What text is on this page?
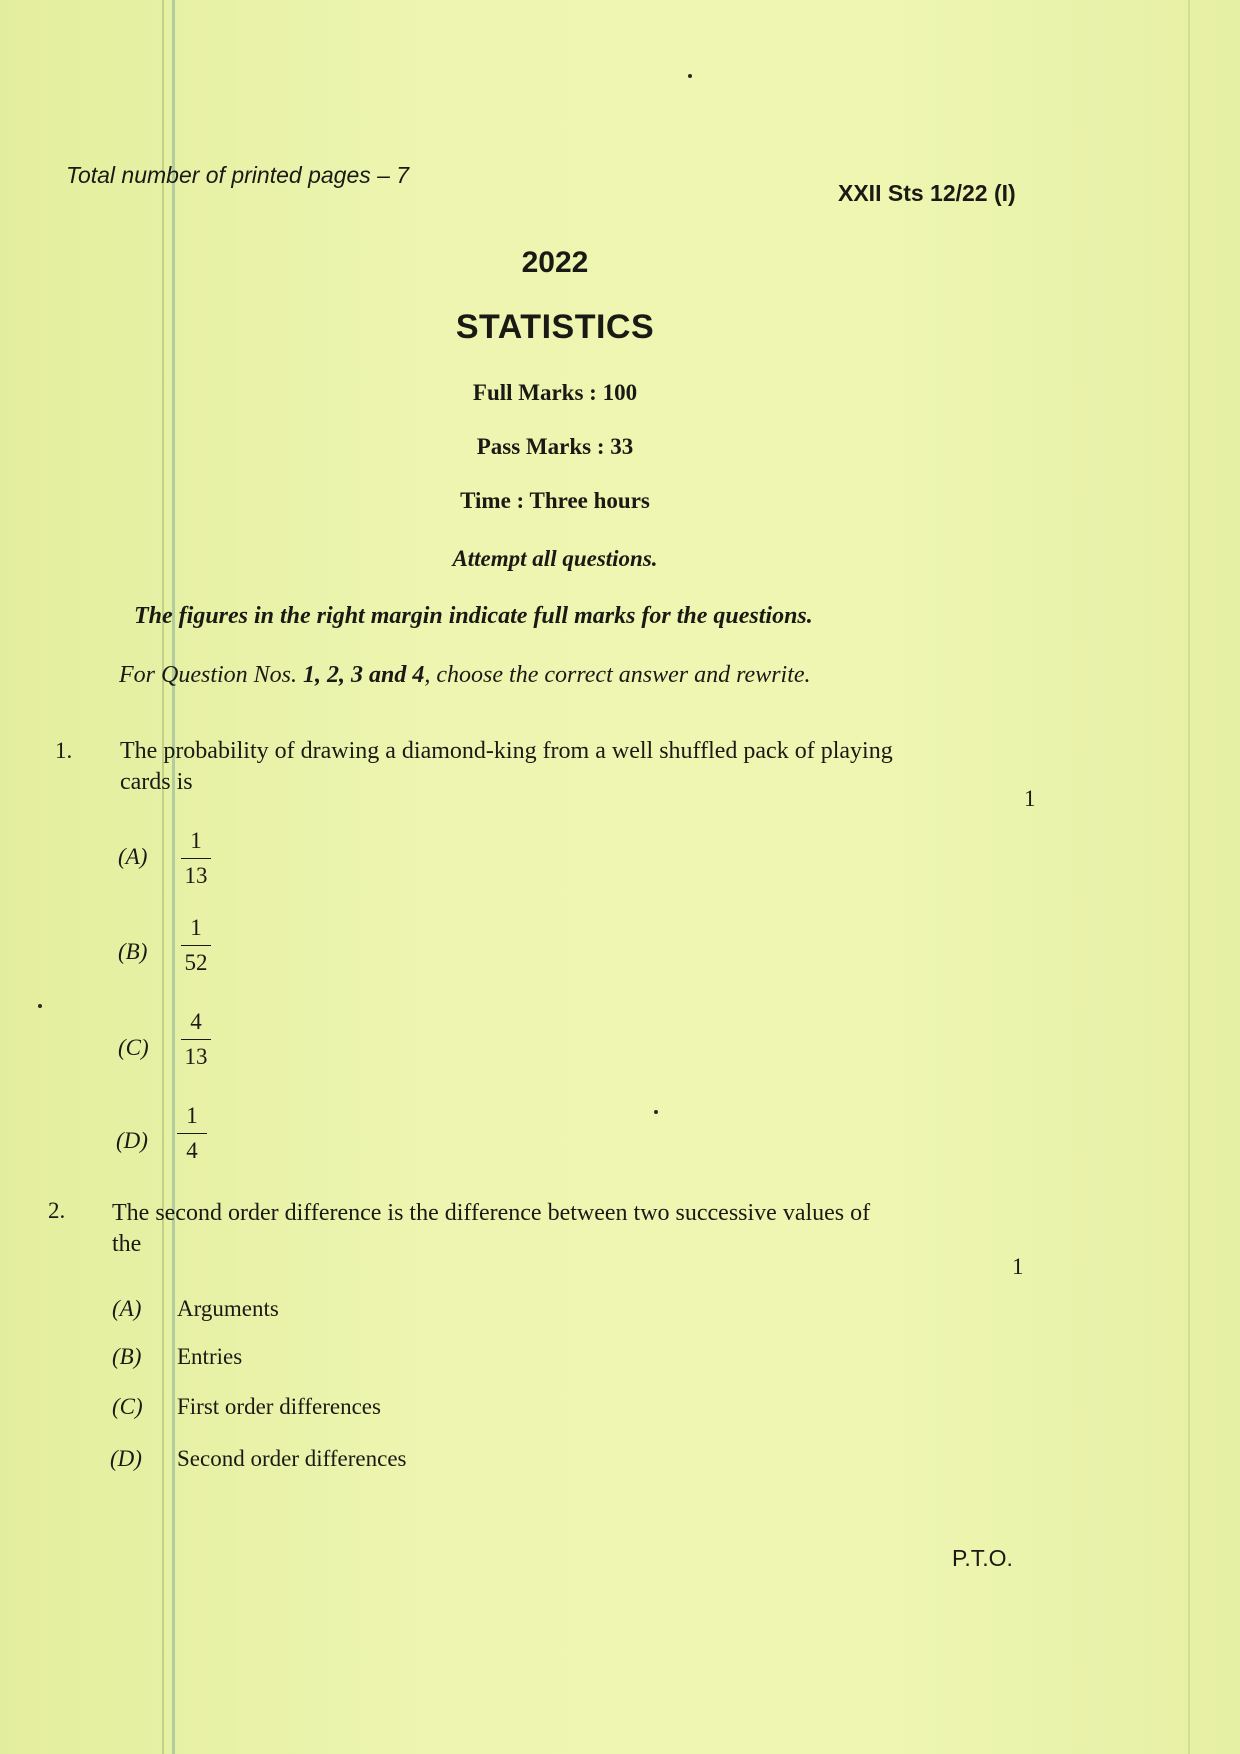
Total number of printed pages – 7
XXII Sts 12/22 (I)
2022
STATISTICS
Full Marks : 100
Pass Marks : 33
Time : Three hours
Attempt all questions.
The figures in the right margin indicate full marks for the questions.
For Question Nos. 1, 2, 3 and 4, choose the correct answer and rewrite.
1. The probability of drawing a diamond-king from a well shuffled pack of playing
cards is
1
(A)
1
13
(B)
1
52
(C)
4
13
(D)
1
4
2. The second order difference is the difference between two successive values of
the
1
(A) Arguments
(B) Entries
(C) First order differences
(D) Second order differences
P.T.O.
